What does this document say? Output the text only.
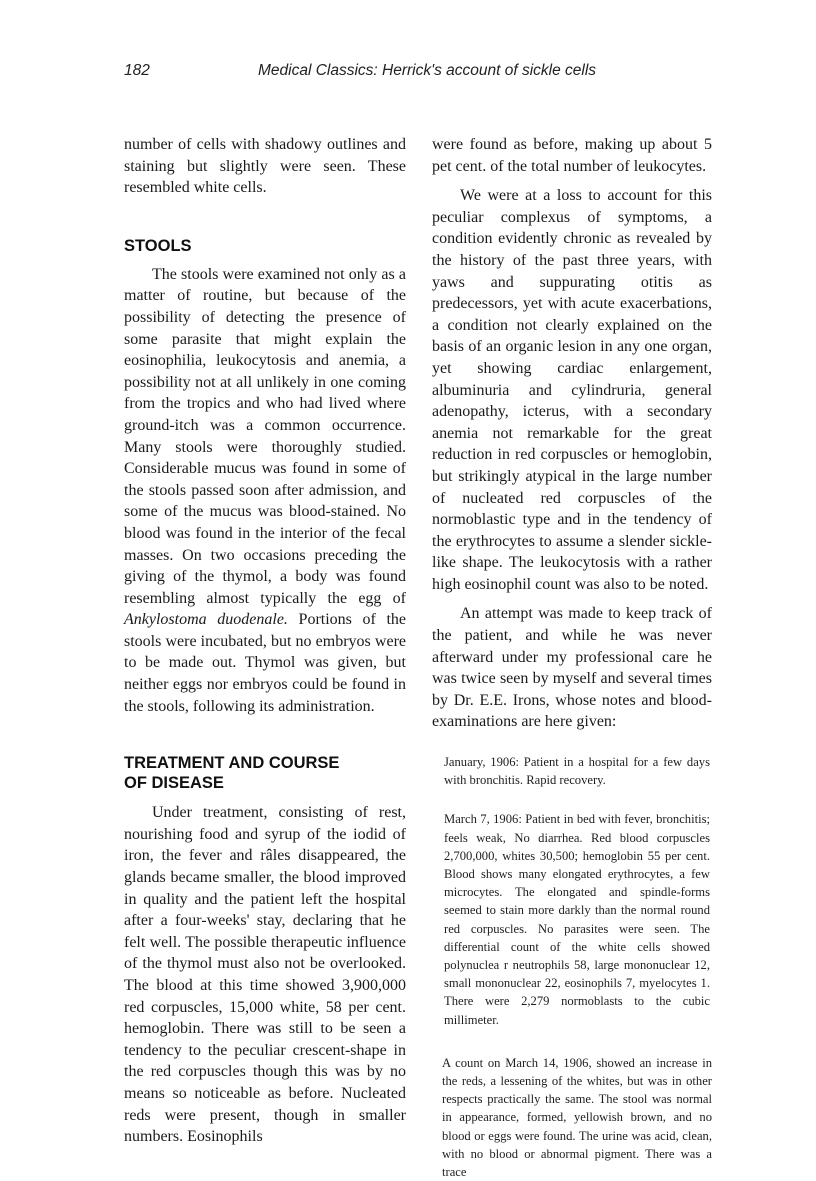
182	Medical Classics: Herrick's account of sickle cells

number of cells with shadowy outlines and staining but slightly were seen. These resembled white cells.

STOOLS

The stools were examined not only as a matter of routine, but because of the possibility of detecting the presence of some parasite that might explain the eosinophilia, leukocytosis and anemia, a possibility not at all unlikely in one coming from the tropics and who had lived where ground-itch was a common occurrence. Many stools were thoroughly studied. Considerable mucus was found in some of the stools passed soon after admission, and some of the mucus was blood-stained. No blood was found in the interior of the fecal masses. On two occasions preceding the giving of the thymol, a body was found resembling almost typically the egg of Ankylostoma duodenale. Portions of the stools were incubated, but no embryos were to be made out. Thymol was given, but neither eggs nor embryos could be found in the stools, following its administration.

TREATMENT AND COURSE
OF DISEASE

Under treatment, consisting of rest, nourishing food and syrup of the iodid of iron, the fever and râles disappeared, the glands became smaller, the blood improved in quality and the patient left the hospital after a four-weeks' stay, declaring that he felt well. The possible therapeutic influence of the thymol must also not be overlooked. The blood at this time showed 3,900,000 red corpuscles, 15,000 white, 58 per cent. hemoglobin. There was still to be seen a tendency to the peculiar crescent-shape in the red corpuscles though this was by no means so noticeable as before. Nucleated reds were present, though in smaller numbers. Eosinophils

were found as before, making up about 5 pet cent. of the total number of leukocytes.

We were at a loss to account for this peculiar complexus of symptoms, a condition evidently chronic as revealed by the history of the past three years, with yaws and suppurating otitis as predecessors, yet with acute exacerbations, a condition not clearly explained on the basis of an organic lesion in any one organ, yet showing cardiac enlargement, albuminuria and cylindruria, general adenopathy, icterus, with a secondary anemia not remarkable for the great reduction in red corpuscles or hemoglobin, but strikingly atypical in the large number of nucleated red corpuscles of the normoblastic type and in the tendency of the erythrocytes to assume a slender sickle-like shape. The leukocytosis with a rather high eosinophil count was also to be noted.

An attempt was made to keep track of the patient, and while he was never afterward under my professional care he was twice seen by myself and several times by Dr. E.E. Irons, whose notes and blood-examinations are here given:

January, 1906: Patient in a hospital for a few days with bronchitis. Rapid recovery.

March 7, 1906: Patient in bed with fever, bronchitis; feels weak, No diarrhea. Red blood corpuscles 2,700,000, whites 30,500; hemoglobin 55 per cent. Blood shows many elongated erythrocytes, a few microcytes. The elongated and spindle-forms seemed to stain more darkly than the normal round red corpuscles. No parasites were seen. The differential count of the white cells showed polynuclea r neutrophils 58, large mononuclear 12, small mononuclear 22, eosinophils 7, myelocytes 1. There were 2,279 normoblasts to the cubic millimeter.

A count on March 14, 1906, showed an increase in the reds, a lessening of the whites, but was in other respects practically the same. The stool was normal in appearance, formed, yellowish brown, and no blood or eggs were found. The urine was acid, clean, with no blood or abnormal pigment. There was a trace
